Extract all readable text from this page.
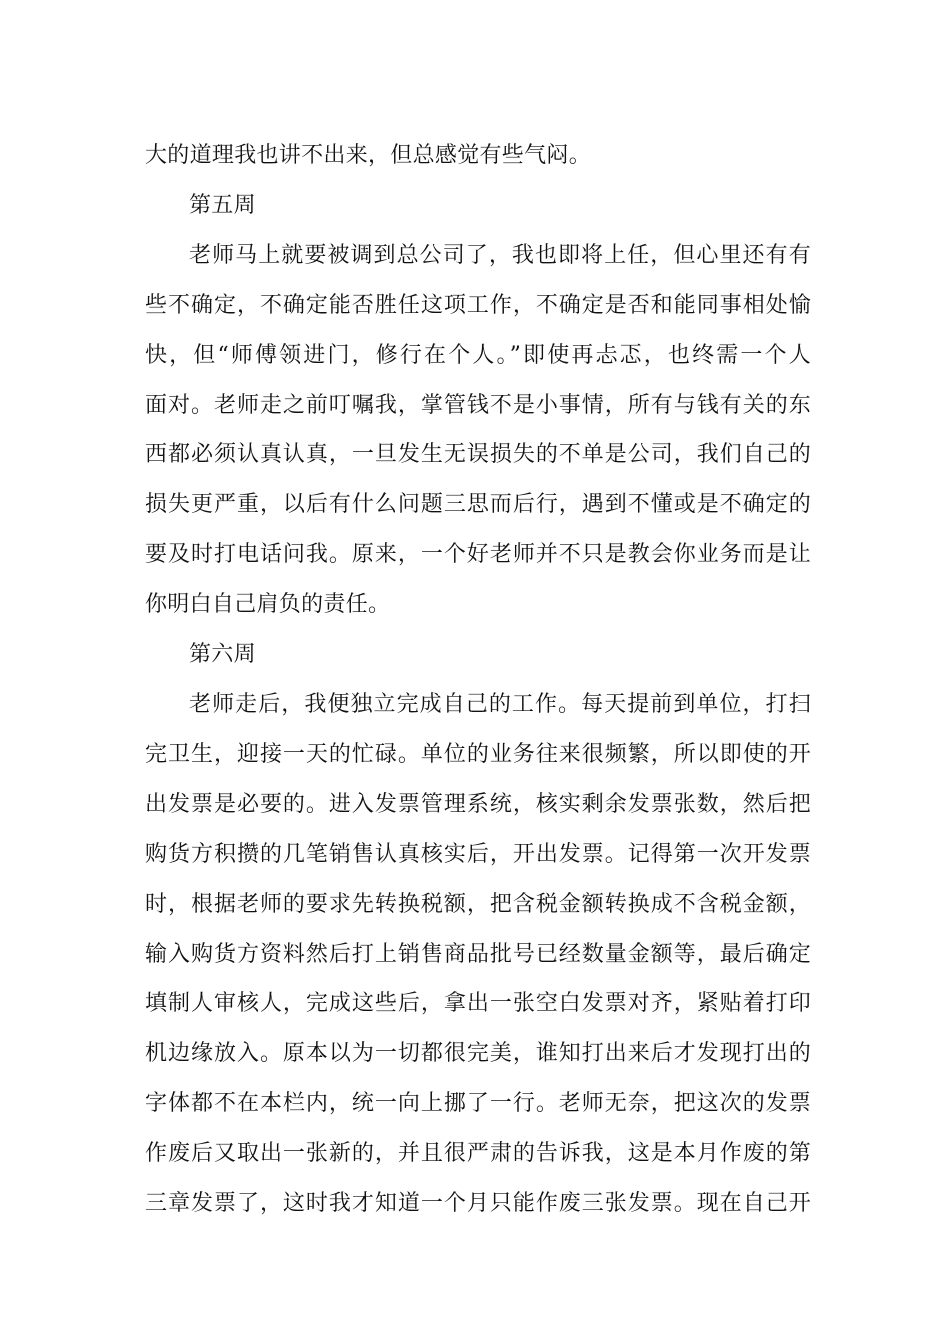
大的道理我也讲不出来，但总感觉有些气闷。

第五周

老师马上就要被调到总公司了，我也即将上任，但心里还有有
些不确定，不确定能否胜任这项工作，不确定是否和能同事相处愉
快，但“师傅领进门，修行在个人。”即使再忐忑，也终需一个人
面对。老师走之前叮嘱我，掌管钱不是小事情，所有与钱有关的东
西都必须认真认真，一旦发生无误损失的不单是公司，我们自己的
损失更严重，以后有什么问题三思而后行，遇到不懂或是不确定的
要及时打电话问我。原来，一个好老师并不只是教会你业务而是让
你明白自己肩负的责任。

第六周

老师走后，我便独立完成自己的工作。每天提前到单位，打扫
完卫生，迎接一天的忙碌。单位的业务往来很频繁，所以即使的开
出发票是必要的。进入发票管理系统，核实剩余发票张数，然后把
购货方积攒的几笔销售认真核实后，开出发票。记得第一次开发票
时，根据老师的要求先转换税额，把含税金额转换成不含税金额，
输入购货方资料然后打上销售商品批号已经数量金额等，最后确定
填制人审核人，完成这些后，拿出一张空白发票对齐，紧贴着打印
机边缘放入。原本以为一切都很完美，谁知打出来后才发现打出的
字体都不在本栏内，统一向上挪了一行。老师无奈，把这次的发票
作废后又取出一张新的，并且很严肃的告诉我，这是本月作废的第
三章发票了，这时我才知道一个月只能作废三张发票。现在自己开
